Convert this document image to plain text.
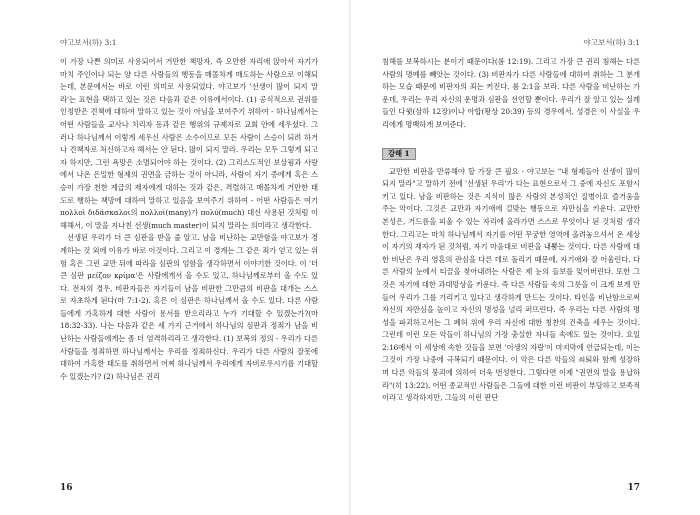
야고보서(하) 3:1

이 가장 나쁜 의미로 사용되어서 거만한 책망자, 즉 오만한 자리에 앉아서 자기가 마치 주인이나 되는 양 다른 사람들의 행동을 매몰차게 매도하는 사람으로 이해되는데, 본문에서는 바로 이런 의미로 사용되었다. 야고보가 '선생이 많이 되지 말라'는 표현을 택하고 있는 것은 다음과 같은 이유에서이다. (1) 공식적으로 권위를 인정받은 견책에 대하여 말하고 있는 것이 아님을 보여주기 위하여 - 하나님께서는 어떤 사람들을 교사나 치리자 등과 같은 행위의 규제자로 교회 안에 세우셨다. 그러나 하나님께서 이렇게 세우신 사람은 소수이므로 모든 사람이 스승이 되려 하거나 견책자로 처신하고자 해서는 안 된다. 많이 되지 말라. 우리는 모두 그렇게 되고자 하지만, 그런 욕망은 소멸되어야 하는 것이다. (2) 그리스도적인 보살핌과 사랑에서 나온 은밀한 형제의 권면을 금하는 것이 아니라, 사람이 자기 증에게 혹은 스승이 가장 천한 계급의 제자에게 대하는 것과 같은, 격렬하고 매몰차게 거만한 태도로 행하는 책망에 대하여 말하고 있음을 보여주기 위하여 - 어떤 사람들은 여기 πολλοὶ διδάσκαλοι의 πολλοί(many)가 πολύ(much) 대신 사용된 것처럼 이해해서, 이 말을 지나친 선생(much master)이 되지 말라는 의미라고 생각한다.

선생된 우리가 더 큰 심판을 받을 줄 알고. 남을 비난하는 교만함을 야고보가 경계하는 것 외에 이유가 바로 이것이다. 그리고 이 경계는 그 같은 죄가 얻고 있는 위험 혹은 그런 교만 뒤에 따라올 심판의 엄함을 생각하면서 이야기한 것이다. 이 '더 큰 심판 μείζον κρίμα'은 사람에게서 올 수도 있고, 하나님께로부터 올 수도 있다. 전자의 경우, 비판자들은 자기들이 남을 비판한 그만큼의 비판을 대개는 스스로 자초하게 된다(마 7:1-2). 혹은 이 심판은 하나님께서 올 수도 있다. 다른 사람들에게 가혹하게 대한 사람이 용서를 받으리라고 누가 기대할 수 있겠는가?(마 18:32-33). 나는 다음과 같은 세 가지 근거에서 하나님의 심판과 정죄가 남을 비난하는 사람들에게는 좀 더 엄격하리라고 생각한다. (1) 보복의 정의 - 우리가 다른 사람들을 정죄하면 하나님께서는 우리를 정죄하신다. 우리가 다른 사람의 잘못에 대하여 가혹한 태도를 취하면서 어찌 하나님께서 우리에게 자비로우시기를 기대할 수 있겠는가? (2) 하나님은 권리

16
야고보서(하) 3:1

침해를 보복하시는 분이기 때문이다(롬 12:19). 그리고 가장 큰 권리 침해는 다른 사람의 명예를 빼앗는 것이다. (3) 비판자가 다른 사람들에 대하여 취하는 그 분개하는 모습 때문에 비판자의 죄는 커진다. 롬 2:1을 보라. 다른 사람을 비난하는 가운데, 우리는 우리 자신의 운명과 심판을 선언할 뿐이다. 우리가 잘 알고 있는 실례들인 다윗(삼하 12장)이나 아합(왕상 20:39) 등의 경우에서, 성경은 이 사실을 우리에게 명백하게 보여준다.

강해 1

교만한 비판을 만류해야 할 가장 큰 필요 - 야고보는 "내 형제들아 선생이 많이 되지 말라"고 말하기 전에 '선생된 우리'가 다는 표현으로서 그 중에 자신도 포함시키고 있다. 남을 비판하는 것은 지식이 많은 사람의 본성적인 질병이요 즐거움을 주는 악이다. 그것은 교만과 자기애에 걸맞는 행동으로 자만심을 키운다. 교만한 본성은, 거드름을 피울 수 있는 자리에 올라가면 스스로 무엇이나 된 것처럼 생각한다. 그리고는 마치 하나님께서 자기를 어떤 무궁한 영역에 올려놓으셔서 온 세상이 자기의 재자가 된 것처럼, 자기 마음대로 비판을 내뿜는 것이다. 다른 사람에 대한 비난은 우리 영혼의 관심을 다른 데로 돌리기 때문에, 자기애와 잘 어울린다. 다른 사람의 눈에서 티끌을 찾아내려는 사람은 제 눈의 들보를 잊어버린다. 또한 그것은 자기에 대한 과대망상을 키운다. 즉 다른 사람들 속의 그릇을 이 크게 보게 만들어 우리가 그를 가리키고 있다고 생각하게 만드는 것이다. 타인을 비난함으로써 자신의 자만심을 높이고 자신의 명성을 널리 퍼뜨린다. 즉 우리는 다른 사람의 명성을 파괴하고서는 그 폐허 위에 우리 자신에 대한 칭찬의 건축을 세우는 것이다. 그런데 이런 모든 악들이 하나님의 가장 충실한 자녀들 속에도 있는 것이다. 요일 2:16에서 이 세상에 속한 것들을 보면 '이생의 자랑'이 마지막에 언급되는데, 이는 그것이 가장 나중에 극복되기 때문이다. 이 악은 다른 악들의 쇠퇴와 함께 성장하며 다른 악들의 붕괴에 의하여 더욱 번성한다. 그렇다면 이제 "권면의 말을 용납하라"(히 13:22). 어떤 종교적인 사람들은 그들에 대한 이런 비판이 부당하고 보족적이라고 생각하지만, 그들의 이런 판단

17
